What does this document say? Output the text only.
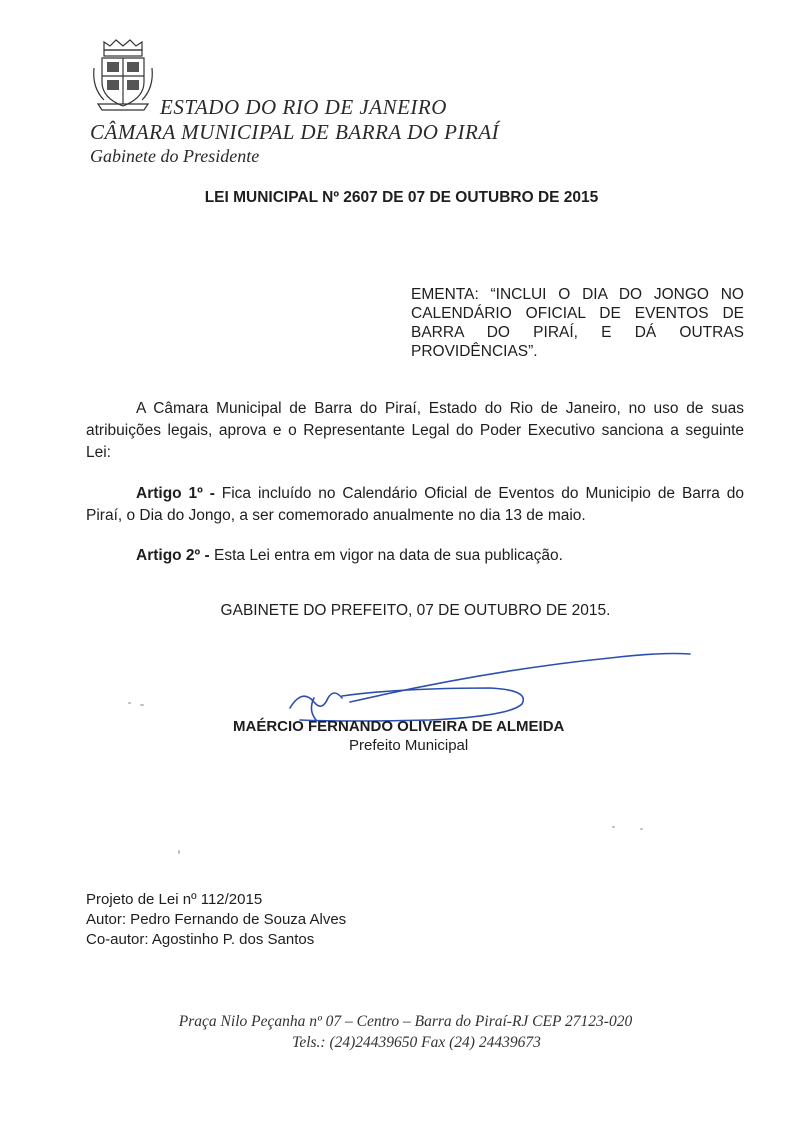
ESTADO DO RIO DE JANEIRO
CÂMARA MUNICIPAL DE BARRA DO PIRAÍ
Gabinete do Presidente
LEI MUNICIPAL Nº 2607 DE 07 DE OUTUBRO DE 2015
EMENTA: “INCLUI O DIA DO JONGO NO CALENDÁRIO OFICIAL DE EVENTOS DE BARRA DO PIRAÍ, E DÁ OUTRAS PROVIDÊNCIAS”.
A Câmara Municipal de Barra do Piraí, Estado do Rio de Janeiro, no uso de suas atribuições legais, aprova e o Representante Legal do Poder Executivo sanciona a seguinte Lei:
Artigo 1º - Fica incluído no Calendário Oficial de Eventos do Municipio de Barra do Piraí, o Dia do Jongo, a ser comemorado anualmente no dia 13 de maio.
Artigo 2º - Esta Lei entra em vigor na data de sua publicação.
GABINETE DO PREFEITO, 07 DE OUTUBRO DE 2015.
MAÉRCIO FERNANDO OLIVEIRA DE ALMEIDA
Prefeito Municipal
Projeto de Lei nº 112/2015
Autor: Pedro Fernando de Souza Alves
Co-autor: Agostinho P. dos Santos
Praça Nilo Peçanha nº 07 – Centro – Barra do Piraí-RJ CEP 27123-020
Tels.: (24)24439650 Fax (24) 24439673
